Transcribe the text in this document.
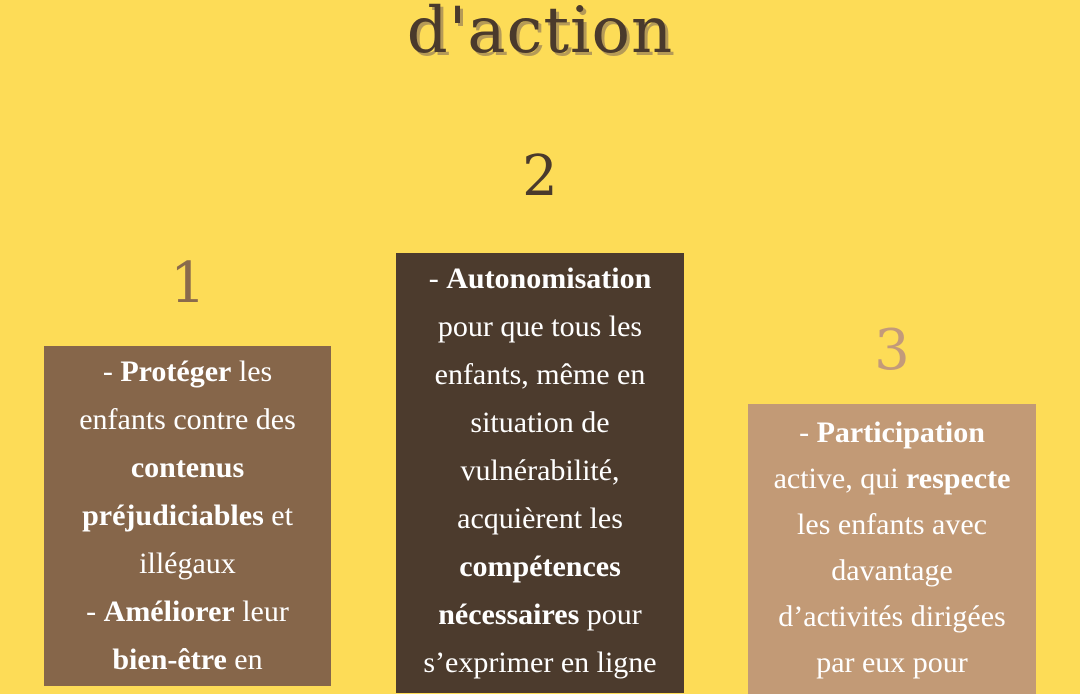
d'action
1
2
3
- Protéger les
enfants contre des
contenus
préjudiciables et
illégaux
- Améliorer leur
bien-être en
- Autonomisation
pour que tous les
enfants, même en
situation de
vulnérabilité,
acquièrent les
compétences
nécessaires pour
s’exprimer en ligne
- Participation
active, qui respecte
les enfants avec
davantage
d’activités dirigées
par eux pour
